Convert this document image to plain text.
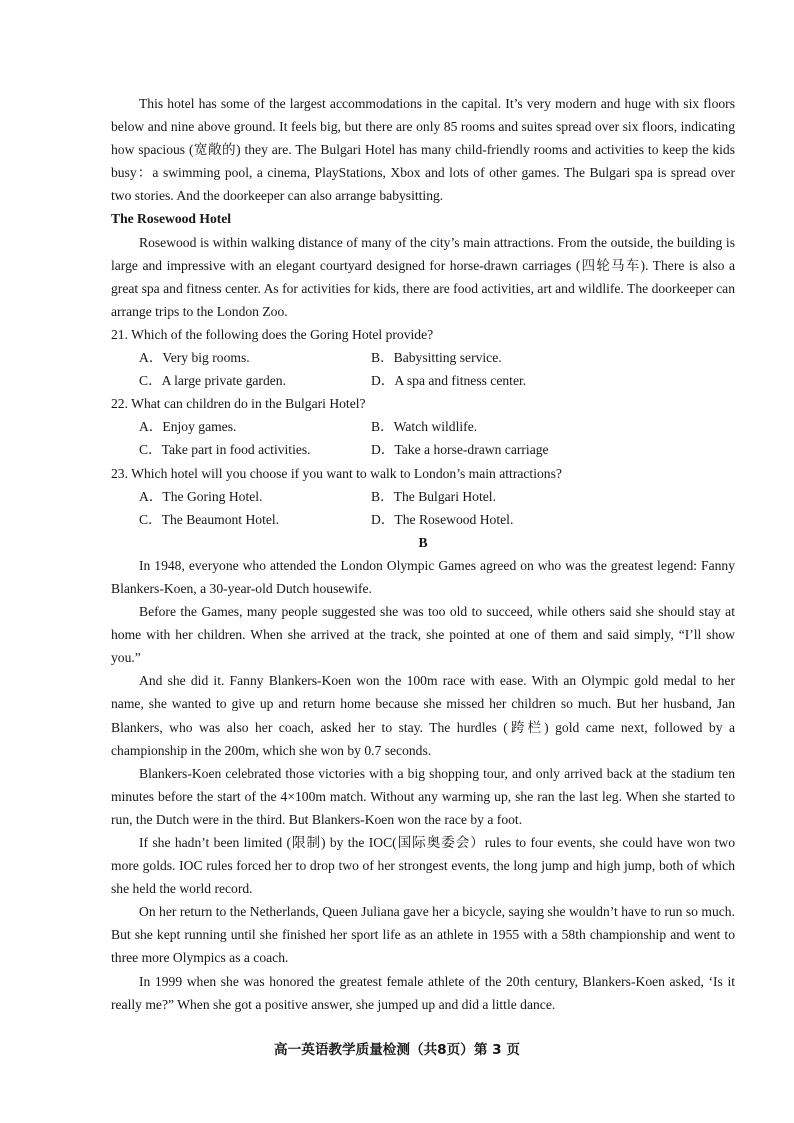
This hotel has some of the largest accommodations in the capital. It’s very modern and huge with six floors below and nine above ground. It feels big, but there are only 85 rooms and suites spread over six floors, indicating how spacious (宽敞的) they are. The Bulgari Hotel has many child-friendly rooms and activities to keep the kids busy：a swimming pool, a cinema, PlayStations, Xbox and lots of other games. The Bulgari spa is spread over two stories. And the doorkeeper can also arrange babysitting.

The Rosewood Hotel

Rosewood is within walking distance of many of the city’s main attractions. From the outside, the building is large and impressive with an elegant courtyard designed for horse-drawn carriages (四轮马车). There is also a great spa and fitness center. As for activities for kids, there are food activities, art and wildlife. The doorkeeper can arrange trips to the London Zoo.

21. Which of the following does the Goring Hotel provide?

A．Very big rooms.	B．Babysitting service.
C．A large private garden.	D．A spa and fitness center.

22. What can children do in the Bulgari Hotel?

A．Enjoy games.	B．Watch wildlife.
C．Take part in food activities.	D．Take a horse-drawn carriage

23. Which hotel will you choose if you want to walk to London’s main attractions?

A．The Goring Hotel.	B．The Bulgari Hotel.
C．The Beaumont Hotel.	D．The Rosewood Hotel.

B

In 1948, everyone who attended the London Olympic Games agreed on who was the greatest legend: Fanny Blankers-Koen, a 30-year-old Dutch housewife.

Before the Games, many people suggested she was too old to succeed, while others said she should stay at home with her children. When she arrived at the track, she pointed at one of them and said simply, “I’ll show you.”

And she did it. Fanny Blankers-Koen won the 100m race with ease. With an Olympic gold medal to her name, she wanted to give up and return home because she missed her children so much. But her husband, Jan Blankers, who was also her coach, asked her to stay. The hurdles (跨栏) gold came next, followed by a championship in the 200m, which she won by 0.7 seconds.

Blankers-Koen celebrated those victories with a big shopping tour, and only arrived back at the stadium ten minutes before the start of the 4×100m match. Without any warming up, she ran the last leg. When she started to run, the Dutch were in the third. But Blankers-Koen won the race by a foot.

If she hadn’t been limited (限制) by the IOC(国际奥委会）rules to four events, she could have won two more golds. IOC rules forced her to drop two of her strongest events, the long jump and high jump, both of which she held the world record.

On her return to the Netherlands, Queen Juliana gave her a bicycle, saying she wouldn’t have to run so much. But she kept running until she finished her sport life as an athlete in 1955 with a 58th championship and went to three more Olympics as a coach.

In 1999 when she was honored the greatest female athlete of the 20th century, Blankers-Koen asked, ‘Is it really me?” When she got a positive answer, she jumped up and did a little dance.

高一英语教学质量检测（共8页）第 3 页
